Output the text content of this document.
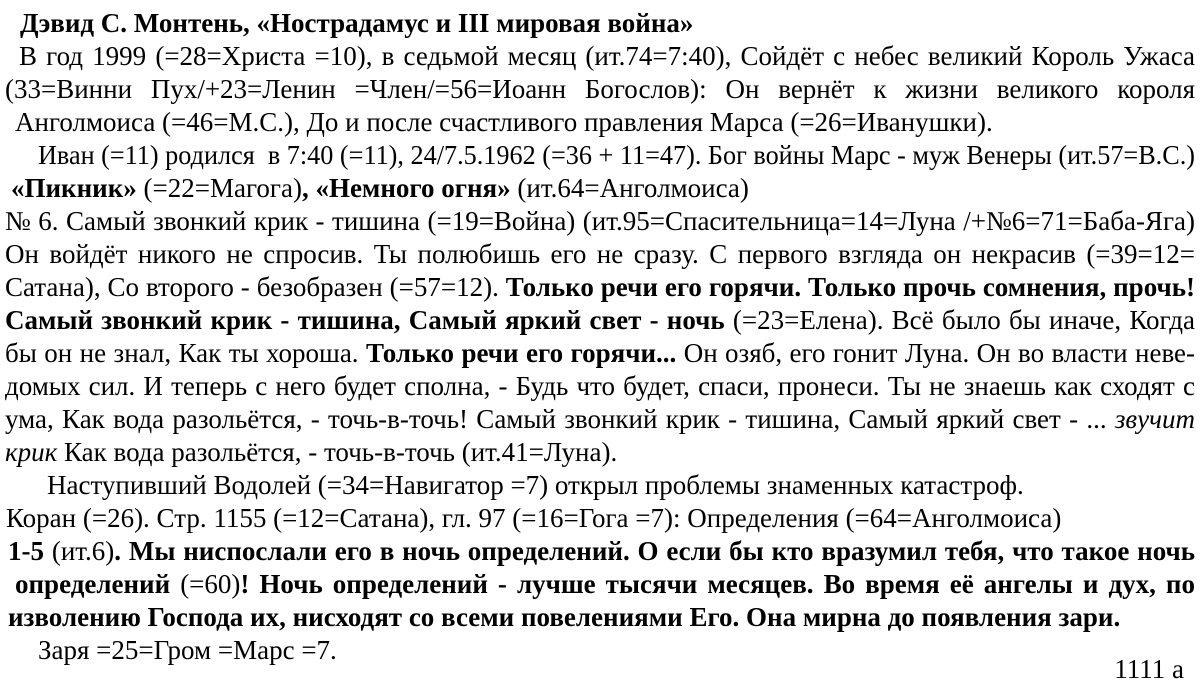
Дэвид С. Монтень, «Нострадамус и III мировая война»
В год 1999 (=28=Христа =10), в седьмой месяц (ит.74=7:40), Сойдёт с небес великий Король Ужаса
(33=Винни Пух/+23=Ленин =Член/=56=Иоанн Богослов): Он вернёт к жизни великого короля
Анголмоиса (=46=М.С.), До и после счастливого правления Марса (=26=Иванушки).
Иван (=11) родился  в 7:40 (=11), 24/7.5.1962 (=36 + 11=47). Бог войны Марс - муж Венеры (ит.57=В.С.)
«Пикник» (=22=Магога), «Немного огня» (ит.64=Анголмоиса)
№ 6. Самый звонкий крик - тишина (=19=Война) (ит.95=Спасительница=14=Луна /+№6=71=Баба-Яга)
Он войдёт никого не спросив. Ты полюбишь его не сразу. С первого взгляда он некрасив (=39=12=
Сатана), Со второго - безобразен (=57=12). Только речи его горячи. Только прочь сомнения, прочь!
Самый звонкий крик - тишина, Самый яркий свет - ночь (=23=Елена). Всё было бы иначе, Когда
бы он не знал, Как ты хороша. Только речи его горячи... Он озяб, его гонит Луна. Он во власти неве-
домых сил. И теперь с него будет сполна, - Будь что будет, спаси, пронеси. Ты не знаешь как сходят с
ума, Как вода разольётся, - точь-в-точь! Самый звонкий крик - тишина, Самый яркий свет - ... звучит
крик Как вода разольётся, - точь-в-точь (ит.41=Луна).
Наступивший Водолей (=34=Навигатор =7) открыл проблемы знаменных катастроф.
Коран (=26). Стр. 1155 (=12=Сатана), гл. 97 (=16=Гога =7): Определения (=64=Анголмоиса)
1-5 (ит.6). Мы ниспослали его в ночь определений. О если бы кто вразумил тебя, что такое ночь
определений (=60)! Ночь определений - лучше тысячи месяцев. Во время её ангелы и дух, по
изволению Господа их, нисходят со всеми повелениями Его. Она мирна до появления зари.
Заря =25=Гром =Марс =7.
1111 а
